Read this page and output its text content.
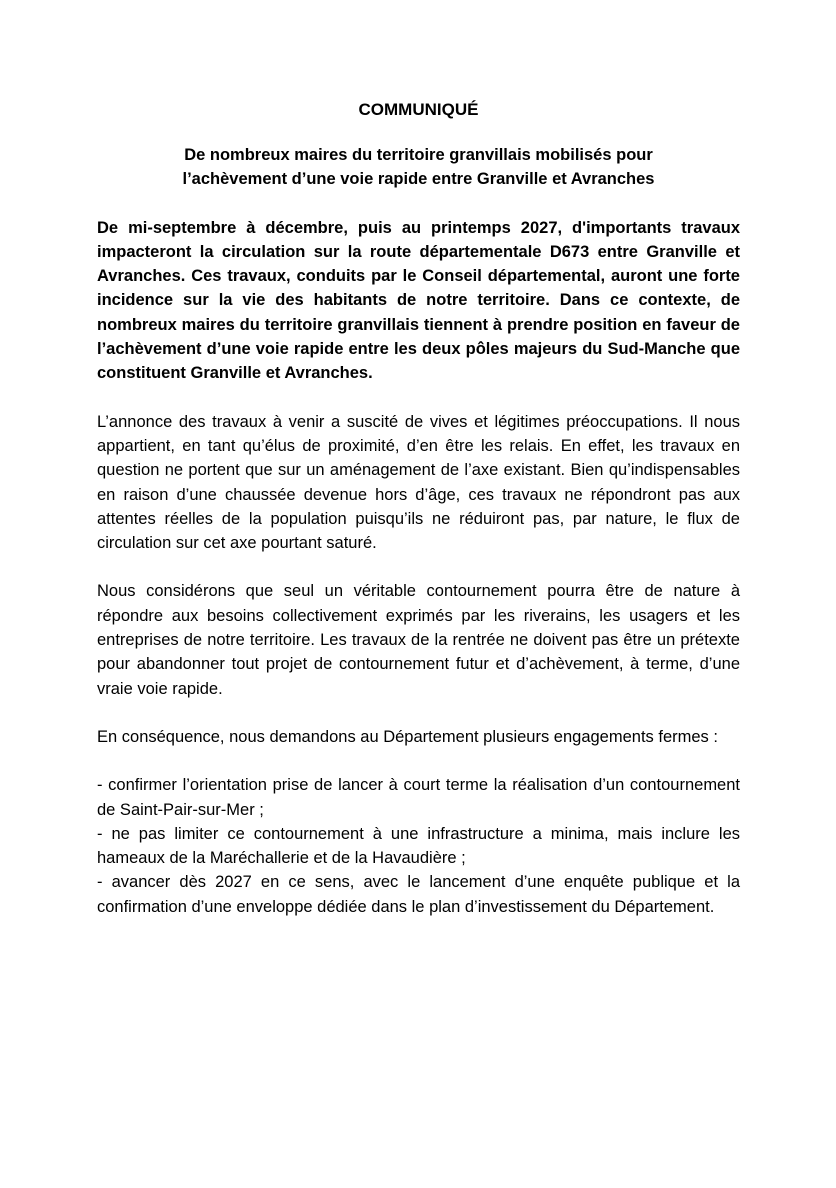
COMMUNIQUÉ

De nombreux maires du territoire granvillais mobilisés pour
l’achèvement d’une voie rapide entre Granville et Avranches

De mi-septembre à décembre, puis au printemps 2027, d'importants travaux impacteront la circulation sur la route départementale D673 entre Granville et Avranches. Ces travaux, conduits par le Conseil départemental, auront une forte incidence sur la vie des habitants de notre territoire. Dans ce contexte, de nombreux maires du territoire granvillais tiennent à prendre position en faveur de l’achèvement d’une voie rapide entre les deux pôles majeurs du Sud-Manche que constituent Granville et Avranches.

L’annonce des travaux à venir a suscité de vives et légitimes préoccupations. Il nous appartient, en tant qu’élus de proximité, d’en être les relais. En effet, les travaux en question ne portent que sur un aménagement de l’axe existant. Bien qu’indispensables en raison d’une chaussée devenue hors d’âge, ces travaux ne répondront pas aux attentes réelles de la population puisqu’ils ne réduiront pas, par nature, le flux de circulation sur cet axe pourtant saturé.

Nous considérons que seul un véritable contournement pourra être de nature à répondre aux besoins collectivement exprimés par les riverains, les usagers et les entreprises de notre territoire. Les travaux de la rentrée ne doivent pas être un prétexte pour abandonner tout projet de contournement futur et d’achèvement, à terme, d’une vraie voie rapide.

En conséquence, nous demandons au Département plusieurs engagements fermes :

- confirmer l’orientation prise de lancer à court terme la réalisation d’un contournement de Saint-Pair-sur-Mer ;
- ne pas limiter ce contournement à une infrastructure a minima, mais inclure les hameaux de la Maréchallerie et de la Havaudière ;
- avancer dès 2027 en ce sens, avec le lancement d’une enquête publique et la confirmation d’une enveloppe dédiée dans le plan d’investissement du Département.
